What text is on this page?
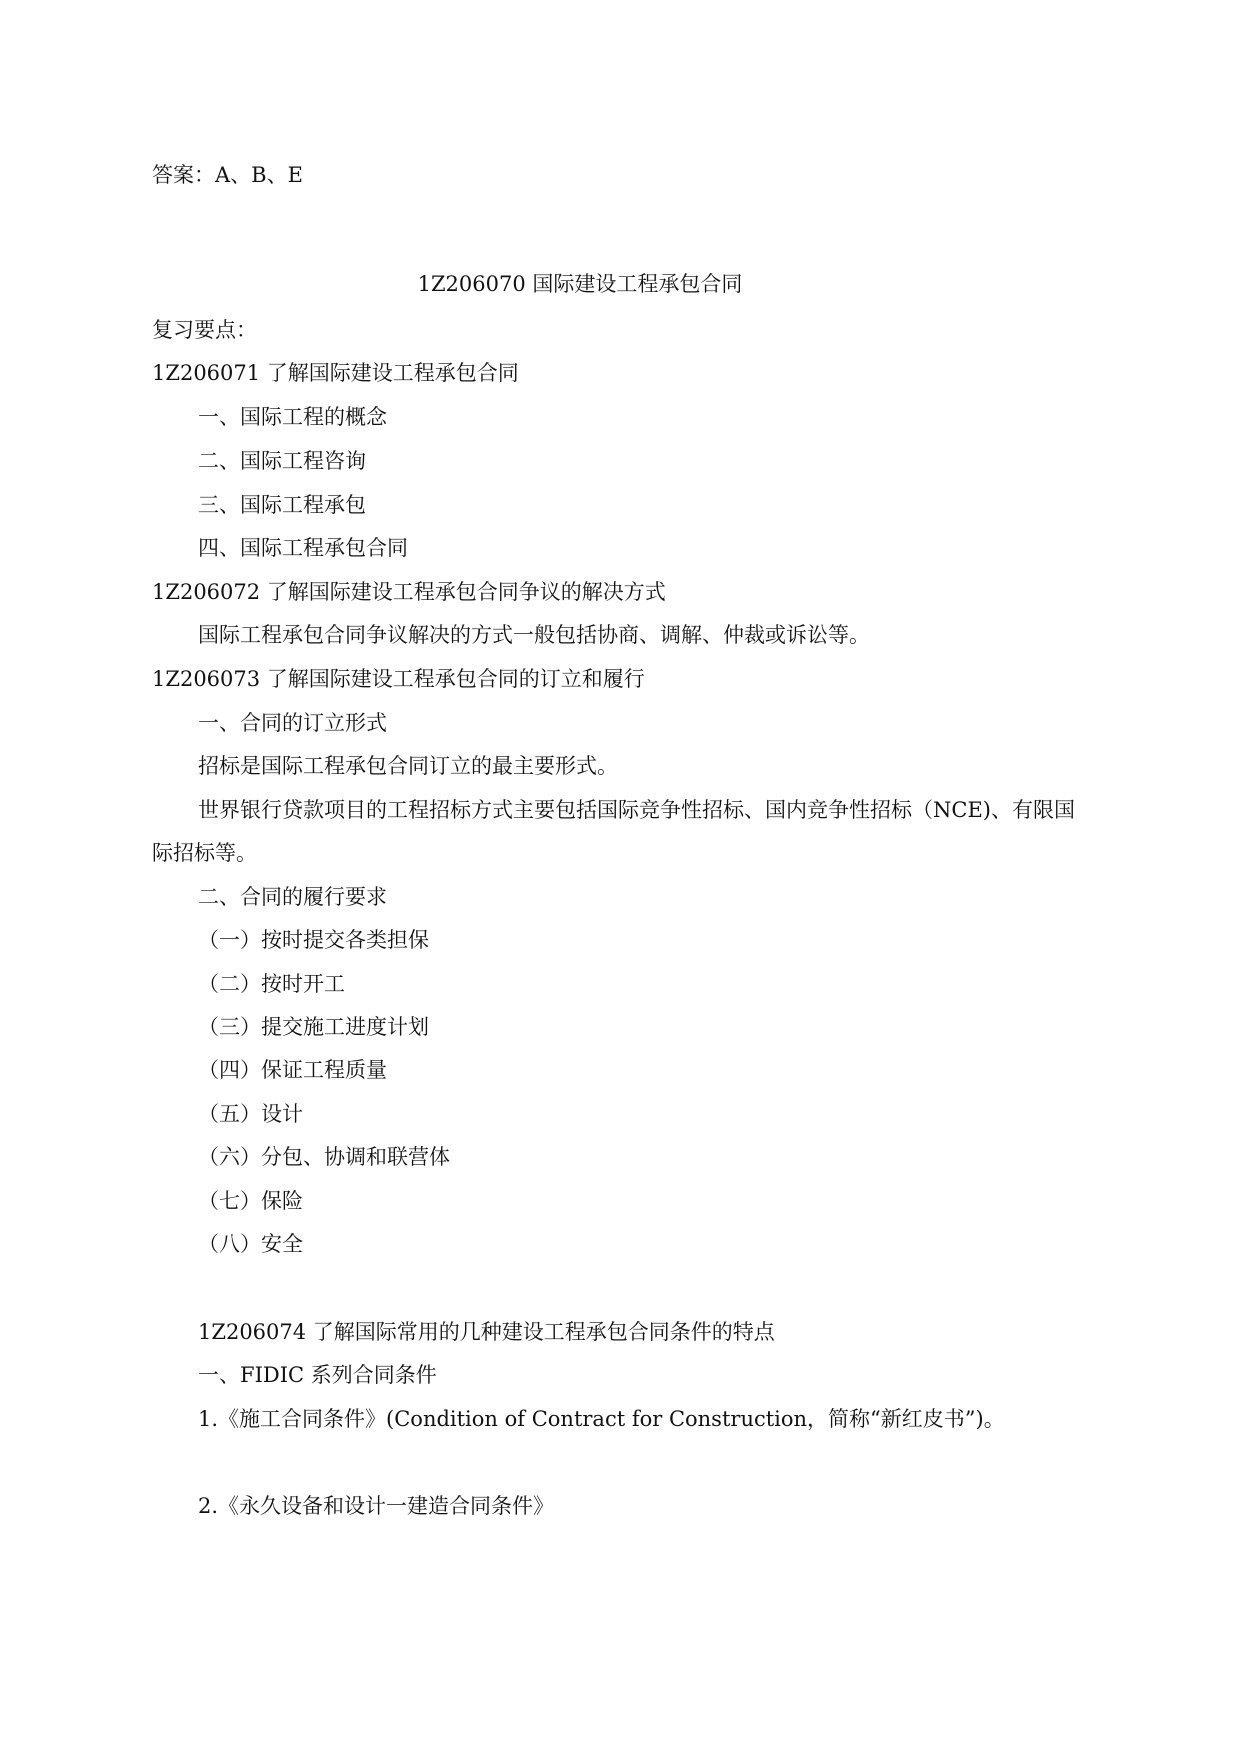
答案：A、B、E
1Z206070 国际建设工程承包合同
复习要点：
1Z206071 了解国际建设工程承包合同
一、国际工程的概念
二、国际工程咨询
三、国际工程承包
四、国际工程承包合同
1Z206072 了解国际建设工程承包合同争议的解决方式
国际工程承包合同争议解决的方式一般包括协商、调解、仲裁或诉讼等。
1Z206073 了解国际建设工程承包合同的订立和履行
一、合同的订立形式
招标是国际工程承包合同订立的最主要形式。
世界银行贷款项目的工程招标方式主要包括国际竞争性招标、国内竞争性招标（NCE)、有限国
际招标等。
二、合同的履行要求
（一）按时提交各类担保
（二）按时开工
（三）提交施工进度计划
（四）保证工程质量
（五）设计
（六）分包、协调和联营体
（七）保险
（八）安全
1Z206074 了解国际常用的几种建设工程承包合同条件的特点
一、FIDIC 系列合同条件
1.《施工合同条件》(Condition of Contract for Construction，简称“新红皮书”)。
2.《永久设备和设计一建造合同条件》
